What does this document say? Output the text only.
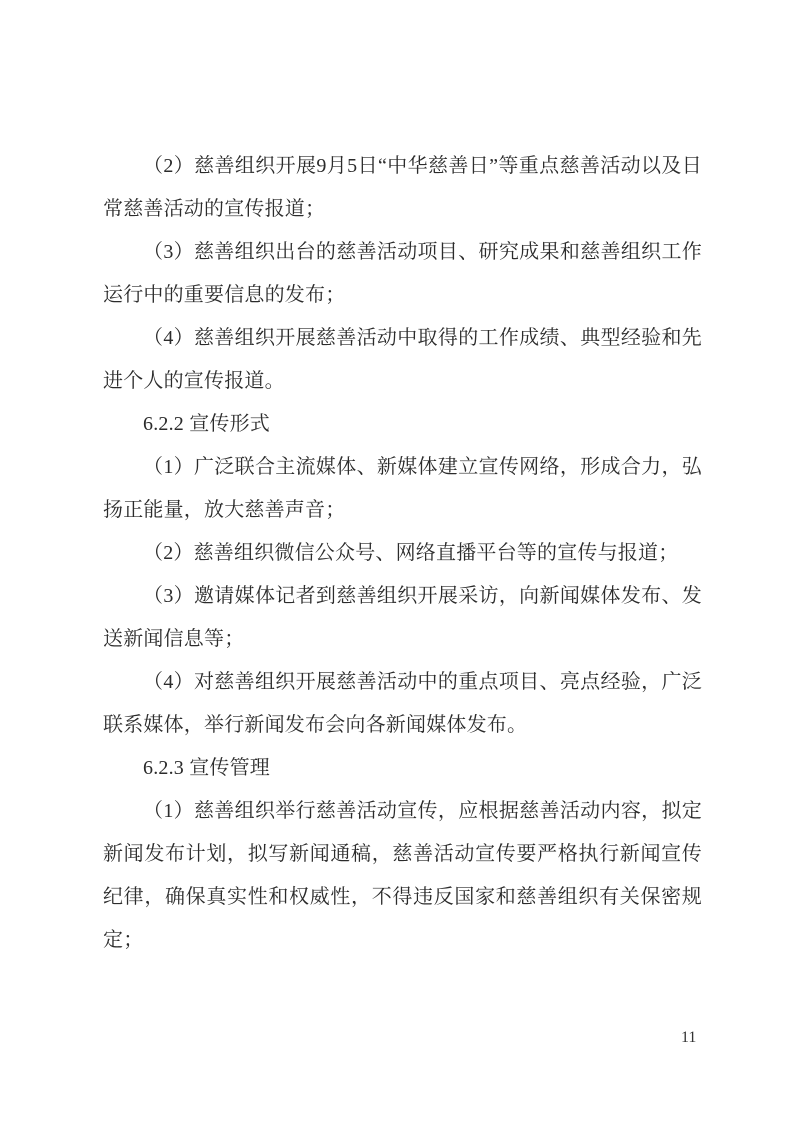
（2）慈善组织开展9月5日“中华慈善日”等重点慈善活动以及日常慈善活动的宣传报道；

（3）慈善组织出台的慈善活动项目、研究成果和慈善组织工作运行中的重要信息的发布；

（4）慈善组织开展慈善活动中取得的工作成绩、典型经验和先进个人的宣传报道。

6.2.2 宣传形式

（1）广泛联合主流媒体、新媒体建立宣传网络，形成合力，弘扬正能量，放大慈善声音；

（2）慈善组织微信公众号、网络直播平台等的宣传与报道；

（3）邀请媒体记者到慈善组织开展采访，向新闻媒体发布、发送新闻信息等；

（4）对慈善组织开展慈善活动中的重点项目、亮点经验，广泛联系媒体，举行新闻发布会向各新闻媒体发布。

6.2.3 宣传管理

（1）慈善组织举行慈善活动宣传，应根据慈善活动内容，拟定新闻发布计划，拟写新闻通稿，慈善活动宣传要严格执行新闻宣传纪律，确保真实性和权威性，不得违反国家和慈善组织有关保密规定；

11
